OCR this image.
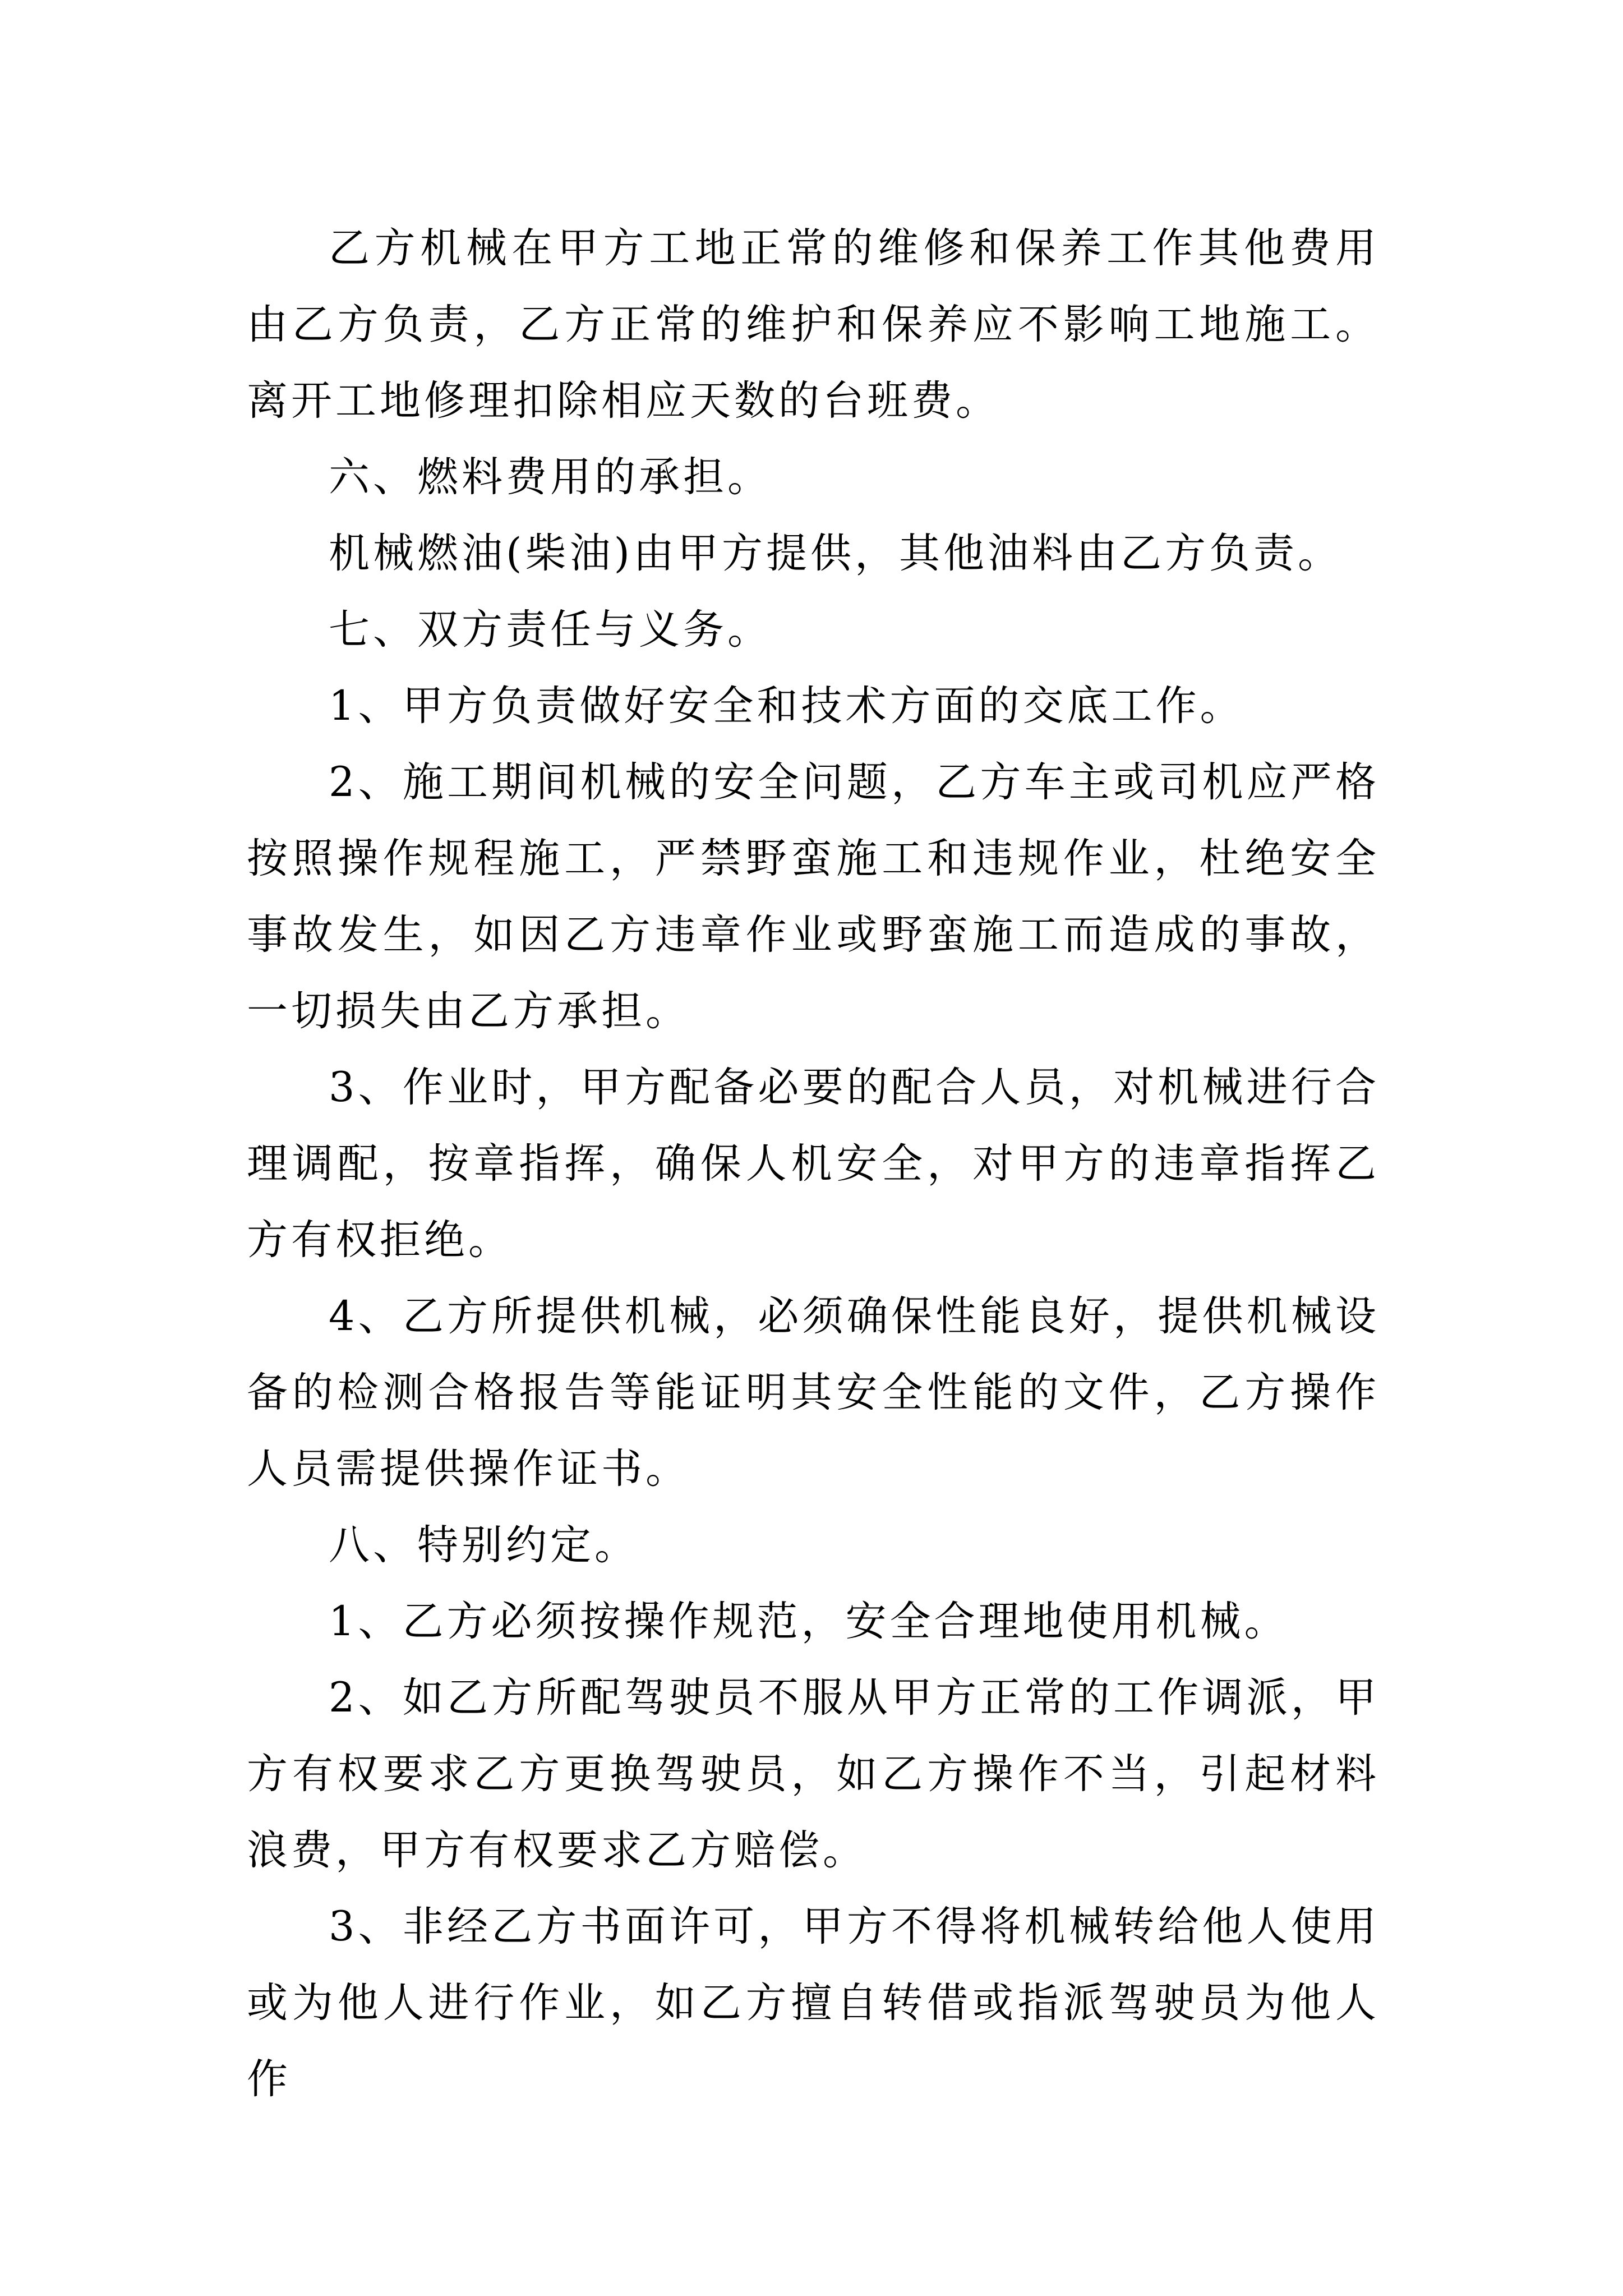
乙方机械在甲方工地正常的维修和保养工作其他费用由乙方负责，乙方正常的维护和保养应不影响工地施工。离开工地修理扣除相应天数的台班费。

六、燃料费用的承担。

机械燃油(柴油)由甲方提供，其他油料由乙方负责。

七、双方责任与义务。

1、甲方负责做好安全和技术方面的交底工作。

2、施工期间机械的安全问题，乙方车主或司机应严格按照操作规程施工，严禁野蛮施工和违规作业，杜绝安全事故发生，如因乙方违章作业或野蛮施工而造成的事故，一切损失由乙方承担。

3、作业时，甲方配备必要的配合人员，对机械进行合理调配，按章指挥，确保人机安全，对甲方的违章指挥乙方有权拒绝。

4、乙方所提供机械，必须确保性能良好，提供机械设备的检测合格报告等能证明其安全性能的文件，乙方操作人员需提供操作证书。

八、特别约定。

1、乙方必须按操作规范，安全合理地使用机械。

2、如乙方所配驾驶员不服从甲方正常的工作调派，甲方有权要求乙方更换驾驶员，如乙方操作不当，引起材料浪费，甲方有权要求乙方赔偿。

3、非经乙方书面许可，甲方不得将机械转给他人使用或为他人进行作业，如乙方擅自转借或指派驾驶员为他人作
